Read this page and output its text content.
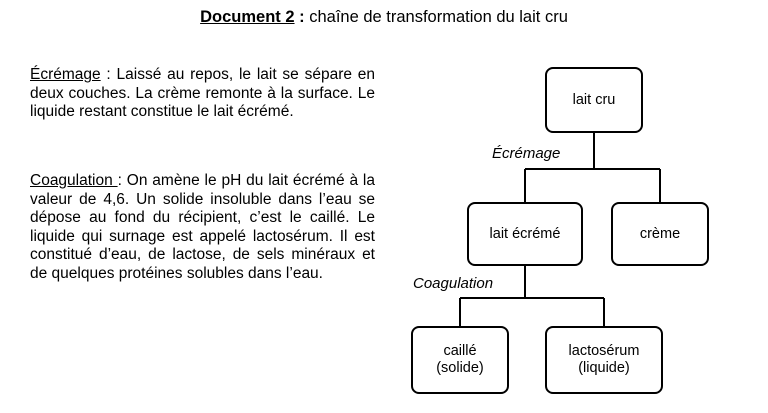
Document 2 : chaîne de transformation du lait cru

Écrémage : Laissé au repos, le lait se sépare en deux couches. La crème remonte à la surface. Le liquide restant constitue le lait écrémé.

Coagulation : On amène le pH du lait écrémé à la valeur de 4,6. Un solide insoluble dans l’eau se dépose au fond du récipient, c’est le caillé. Le liquide qui surnage est appelé lactosérum. Il est constitué d’eau, de lactose, de sels minéraux et de quelques protéines solubles dans l’eau.

lait cru
Écrémage
lait écrémé	crème
Coagulation
caillé
(solide)
lactosérum
(liquide)
